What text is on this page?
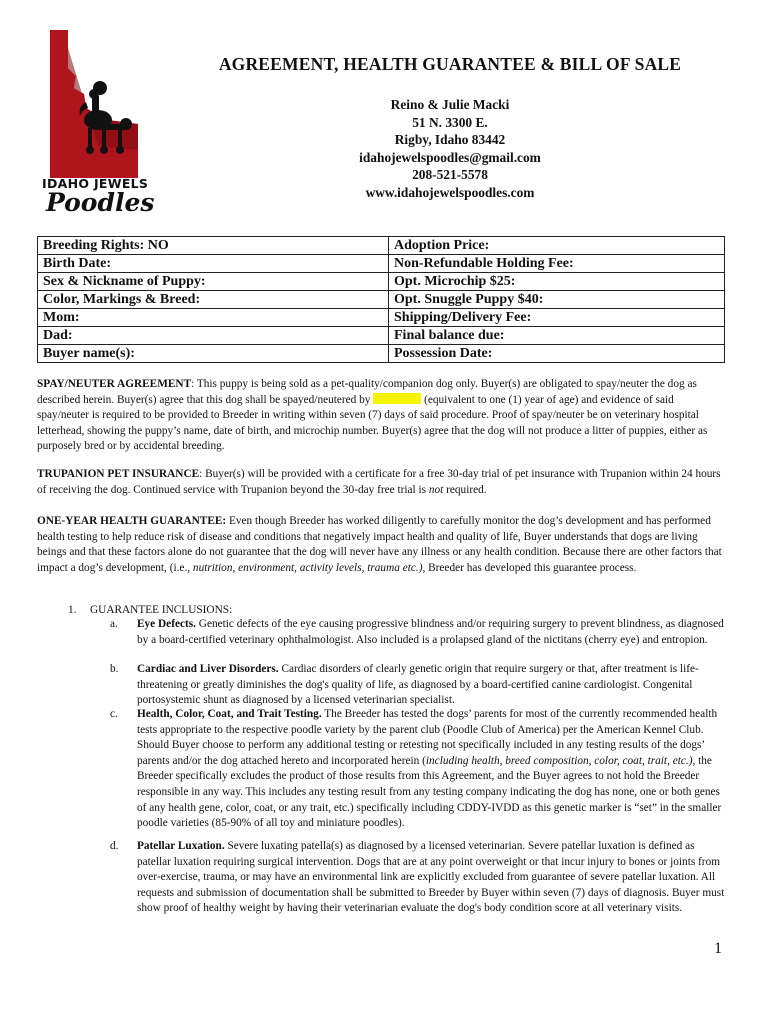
IDAHO JEWELS
Poodles
AGREEMENT, HEALTH GUARANTEE & BILL OF SALE
Reino & Julie Macki
51 N. 3300 E.
Rigby, Idaho 83442
idahojewelspoodles@gmail.com
208-521-5578
www.idahojewelspoodles.com
Breeding Rights: NO	Adoption Price:
Birth Date:	Non-Refundable Holding Fee:
Sex & Nickname of Puppy:	Opt. Microchip $25:
Color, Markings & Breed:	Opt. Snuggle Puppy $40:
Mom:	Shipping/Delivery Fee:
Dad:	Final balance due:
Buyer name(s):	Possession Date:
SPAY/NEUTER AGREEMENT: This puppy is being sold as a pet-quality/companion dog only. Buyer(s) are obligated to spay/neuter the dog as described herein. Buyer(s) agree that this dog shall be spayed/neutered by	(equivalent to one (1) year of age) and evidence of said spay/neuter is required to be provided to Breeder in writing within seven (7) days of said procedure. Proof of spay/neuter be on veterinary hospital letterhead, showing the puppy’s name, date of birth, and microchip number. Buyer(s) agree that the dog will not produce a litter of puppies, either as purposely bred or by accidental breeding.
TRUPANION PET INSURANCE: Buyer(s) will be provided with a certificate for a free 30-day trial of pet insurance with Trupanion within 24 hours of receiving the dog. Continued service with Trupanion beyond the 30-day free trial is not required.
ONE-YEAR HEALTH GUARANTEE: Even though Breeder has worked diligently to carefully monitor the dog’s development and has performed health testing to help reduce risk of disease and conditions that negatively impact health and quality of life, Buyer understands that dogs are living beings and that these factors alone do not guarantee that the dog will never have any illness or any health condition. Because there are other factors that impact a dog’s development, (i.e., nutrition, environment, activity levels, trauma etc.), Breeder has developed this guarantee process.
1. GUARANTEE INCLUSIONS:
a. Eye Defects. Genetic defects of the eye causing progressive blindness and/or requiring surgery to prevent blindness, as diagnosed by a board-certified veterinary ophthalmologist. Also included is a prolapsed gland of the nictitans (cherry eye) and entropion.
b. Cardiac and Liver Disorders. Cardiac disorders of clearly genetic origin that require surgery or that, after treatment is life-threatening or greatly diminishes the dog's quality of life, as diagnosed by a board-certified canine cardiologist. Congenital portosystemic shunt as diagnosed by a licensed veterinarian specialist.
c. Health, Color, Coat, and Trait Testing. The Breeder has tested the dogs’ parents for most of the currently recommended health tests appropriate to the respective poodle variety by the parent club (Poodle Club of America) per the American Kennel Club. Should Buyer choose to perform any additional testing or retesting not specifically included in any testing results of the dogs’ parents and/or the dog attached hereto and incorporated herein (including health, breed composition, color, coat, trait, etc.), the Breeder specifically excludes the product of those results from this Agreement, and the Buyer agrees to not hold the Breeder responsible in any way. This includes any testing result from any testing company indicating the dog has none, one or both genes of any health gene, color, coat, or any trait, etc.) specifically including CDDY-IVDD as this genetic marker is “set” in the smaller poodle varieties (85-90% of all toy and miniature poodles).
d. Patellar Luxation. Severe luxating patella(s) as diagnosed by a licensed veterinarian. Severe patellar luxation is defined as patellar luxation requiring surgical intervention. Dogs that are at any point overweight or that incur injury to bones or joints from over-exercise, trauma, or may have an environmental link are explicitly excluded from guarantee of severe patellar luxation. All requests and submission of documentation shall be submitted to Breeder by Buyer within seven (7) days of diagnosis. Buyer must show proof of healthy weight by having their veterinarian evaluate the dog's body condition score at all veterinary visits.
1
